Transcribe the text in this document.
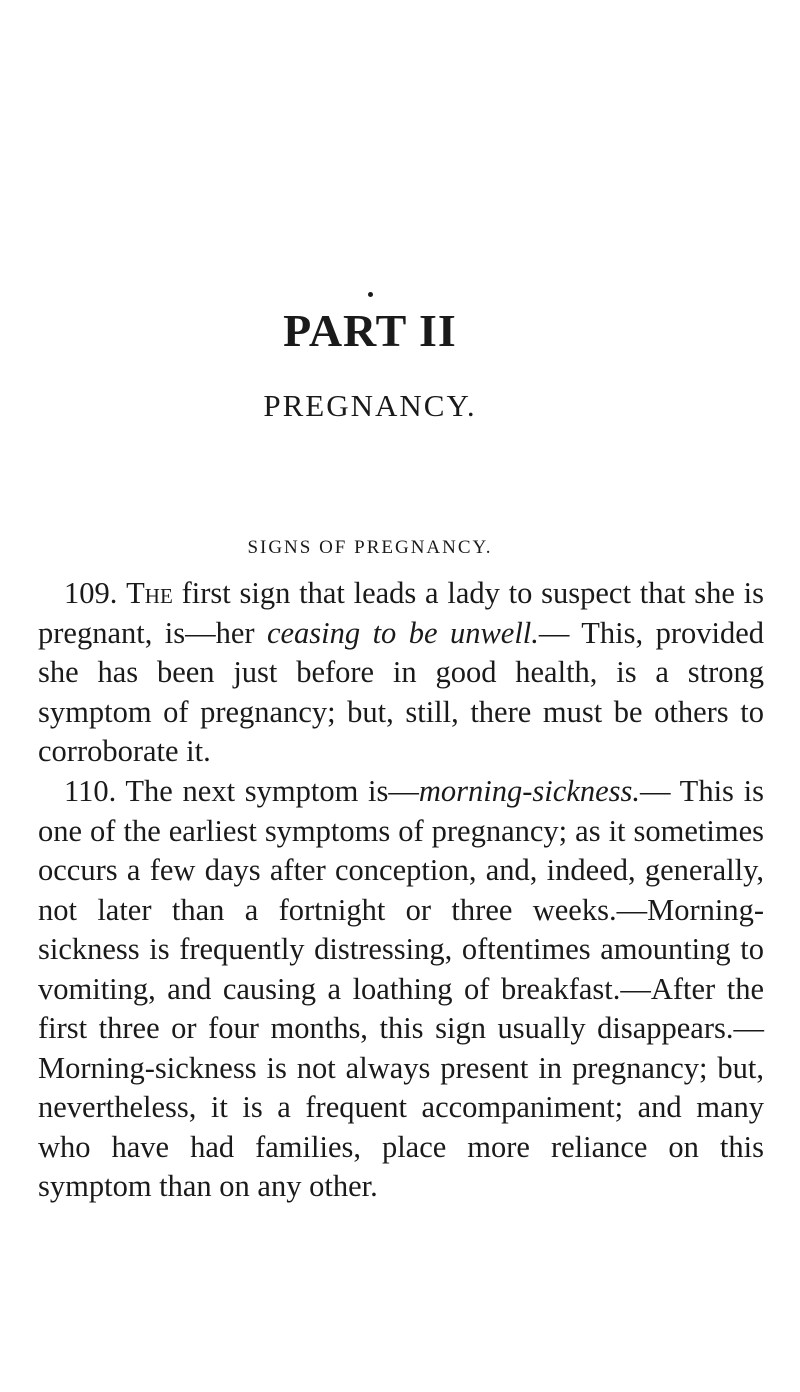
PART II
PREGNANCY.
SIGNS OF PREGNANCY.

109. The first sign that leads a lady to suspect that she is pregnant, is—her ceasing to be unwell.— This, provided she has been just before in good health, is a strong symptom of pregnancy; but, still, there must be others to corroborate it.

110. The next symptom is—morning-sickness.— This is one of the earliest symptoms of pregnancy; as it sometimes occurs a few days after conception, and, indeed, generally, not later than a fortnight or three weeks.—Morning-sickness is frequently distressing, oftentimes amounting to vomiting, and causing a loathing of breakfast.—After the first three or four months, this sign usually disappears.—Morning-sickness is not always present in pregnancy; but, nevertheless, it is a frequent accompaniment; and many who have had families, place more reliance on this symptom than on any other.
